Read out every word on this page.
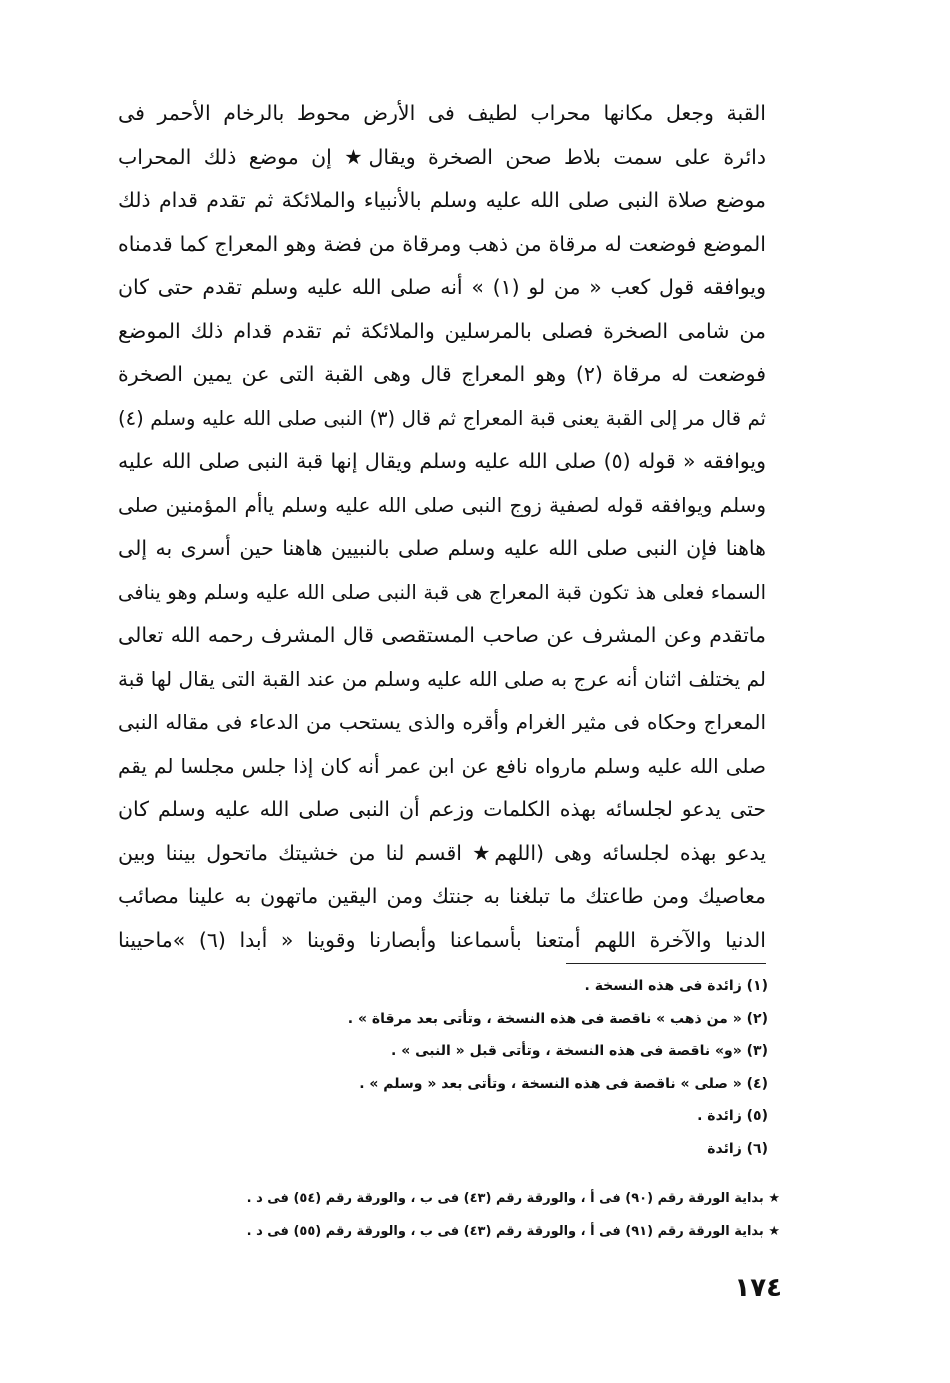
القبة وجعل مكانها محراب لطيف فى الأرض محوط بالرخام الأحمر فى
دائرة على سمت بلاط صحن الصخرة ويقال★ إن موضع ذلك المحراب
موضع صلاة النبى صلى الله عليه وسلم بالأنبياء والملائكة ثم تقدم قدام ذلك
الموضع فوضعت له مرقاة من ذهب ومرقاة من فضة وهو المعراج كما قدمناه
ويوافقه قول كعب « من لو (١) » أنه صلى الله عليه وسلم تقدم حتى كان
من شامى الصخرة فصلى بالمرسلين والملائكة ثم تقدم قدام ذلك الموضع
فوضعت له مرقاة (٢) وهو المعراج قال وهى القبة التى عن يمين الصخرة
ثم قال مر إلى القبة يعنى قبة المعراج ثم قال (٣) النبى صلى الله عليه وسلم (٤)
ويوافقه « قوله (٥) صلى الله عليه وسلم ويقال إنها قبة النبى صلى الله عليه
وسلم ويوافقه قوله لصفية زوج النبى صلى الله عليه وسلم ياأم المؤمنين صلى
هاهنا فإن النبى صلى الله عليه وسلم صلى بالنبيين هاهنا حين أسرى به إلى
السماء فعلى هذ تكون قبة المعراج هى قبة النبى صلى الله عليه وسلم وهو ينافى
ماتقدم وعن المشرف عن صاحب المستقصى قال المشرف رحمه الله تعالى
لم يختلف اثنان أنه عرج به صلى الله عليه وسلم من عند القبة التى يقال لها قبة
المعراج وحكاه فى مثير الغرام وأقره والذى يستحب من الدعاء فى مقاله النبى
صلى الله عليه وسلم مارواه نافع عن ابن عمر أنه كان إذا جلس مجلسا لم يقم
حتى يدعو لجلسائه بهذه الكلمات وزعم أن النبى صلى الله عليه وسلم كان
يدعو بهذه لجلسائه وهى (اللهم★ اقسم لنا من خشيتك ماتحول بيننا وبين
معاصيك ومن طاعتك ما تبلغنا به جنتك ومن اليقين ماتهون به علينا مصائب
الدنيا والآخرة اللهم أمتعنا بأسماعنا وأبصارنا وقوينا « أبدا (٦) »ماحيينا
(١) زائدة فى هذه النسخة .
(٢) « من ذهب » ناقصة فى هذه النسخة ، وتأتى بعد مرقاة » .
(٣) «و» ناقصة فى هذه النسخة ، وتأتى قبل « النبى » .
(٤) « صلى » ناقصة فى هذه النسخة ، وتأتى بعد « وسلم » .
(٥) زائدة .
(٦) زائدة
★ بداية الورقة رقم (٩٠) فى أ ، والورقة رقم (٤٣) فى ب ، والورقة رقم (٥٤) فى د .
★ بداية الورقة رقم (٩١) فى أ ، والورقة رقم (٤٣) فى ب ، والورقة رقم (٥٥) فى د .
١٧٤
